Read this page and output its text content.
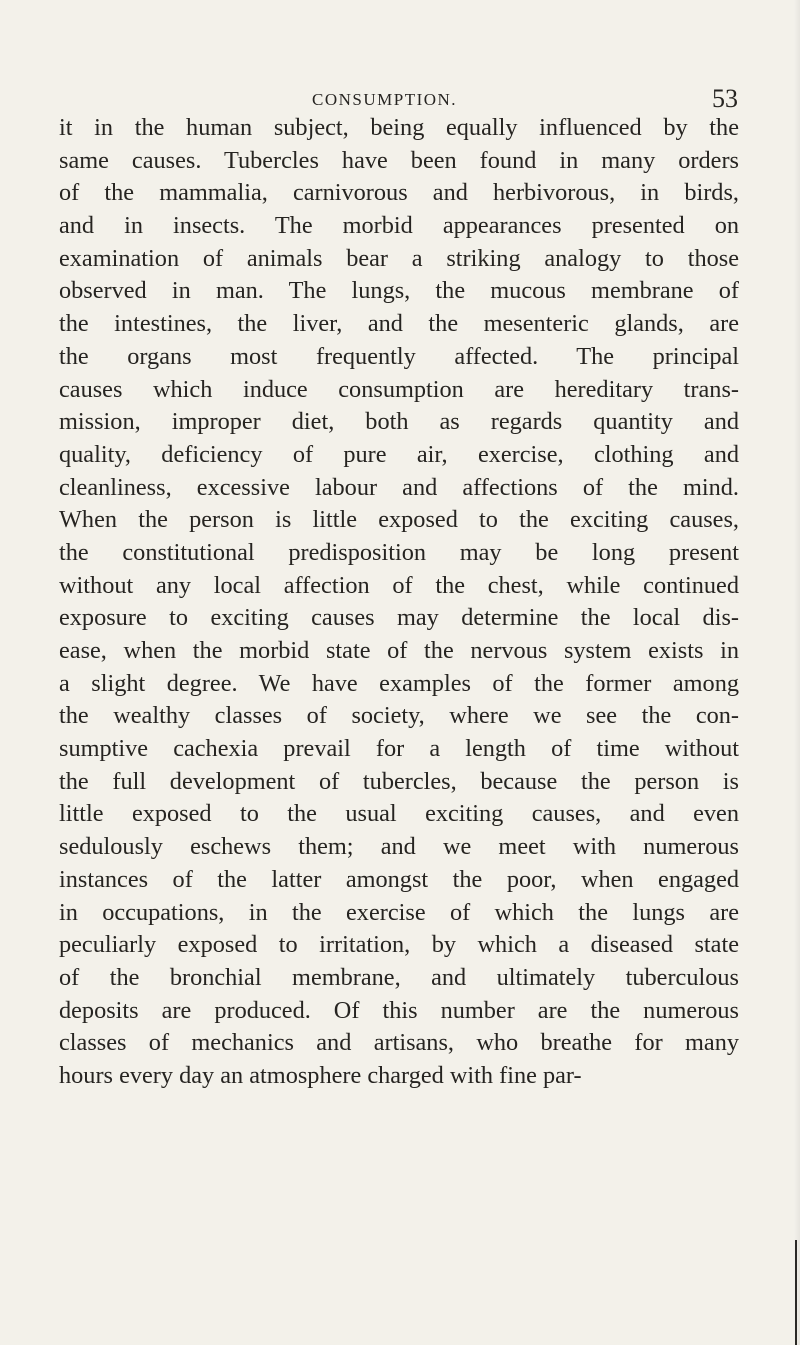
CONSUMPTION.	53
it in the human subject, being equally influenced by the
same causes. Tubercles have been found in many orders
of the mammalia, carnivorous and herbivorous, in birds,
and in insects. The morbid appearances presented on
examination of animals bear a striking analogy to those
observed in man. The lungs, the mucous membrane of
the intestines, the liver, and the mesenteric glands, are
the organs most frequently affected. The principal
causes which induce consumption are hereditary trans-
mission, improper diet, both as regards quantity and
quality, deficiency of pure air, exercise, clothing and
cleanliness, excessive labour and affections of the mind.
When the person is little exposed to the exciting causes,
the constitutional predisposition may be long present
without any local affection of the chest, while continued
exposure to exciting causes may determine the local dis-
ease, when the morbid state of the nervous system exists in
a slight degree. We have examples of the former among
the wealthy classes of society, where we see the con-
sumptive cachexia prevail for a length of time without
the full development of tubercles, because the person is
little exposed to the usual exciting causes, and even
sedulously eschews them; and we meet with numerous
instances of the latter amongst the poor, when engaged
in occupations, in the exercise of which the lungs are
peculiarly exposed to irritation, by which a diseased state
of the bronchial membrane, and ultimately tuberculous
deposits are produced. Of this number are the numerous
classes of mechanics and artisans, who breathe for many
hours every day an atmosphere charged with fine par-
